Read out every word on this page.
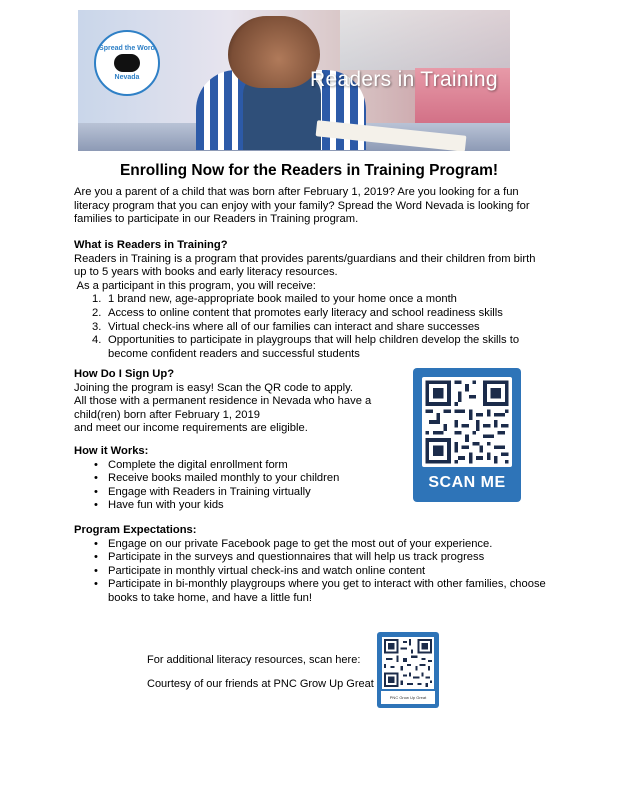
Spread the Word
Nevada	Readers in Training
Enrolling Now for the Readers in Training Program!
Are you a parent of a child that was born after February 1, 2019? Are you looking for a fun literacy program that you can enjoy with your family? Spread the Word Nevada is looking for families to participate in our Readers in Training program.
What is Readers in Training?
Readers in Training is a program that provides parents/guardians and their children from birth up to 5 years with books and early literacy resources.
As a participant in this program, you will receive:
1. 1 brand new, age-appropriate book mailed to your home once a month
2. Access to online content that promotes early literacy and school readiness skills
3. Virtual check-ins where all of our families can interact and share successes
4. Opportunities to participate in playgroups that will help children develop the skills to become confident readers and successful students
How Do I Sign Up?
Joining the program is easy! Scan the QR code to apply.
All those with a permanent residence in Nevada who have a child(ren) born after February 1, 2019
and meet our income requirements are eligible.
How it Works:
• Complete the digital enrollment form
• Receive books mailed monthly to your children
• Engage with Readers in Training virtually
• Have fun with your kids
Program Expectations:
• Engage on our private Facebook page to get the most out of your experience.
• Participate in the surveys and questionnaires that will help us track progress
• Participate in monthly virtual check-ins and watch online content
• Participate in bi-monthly playgroups where you get to interact with other families, choose books to take home, and have a little fun!
SCAN ME
For additional literacy resources, scan here:
Courtesy of our friends at PNC Grow Up Great
PNC Grow Up Great
